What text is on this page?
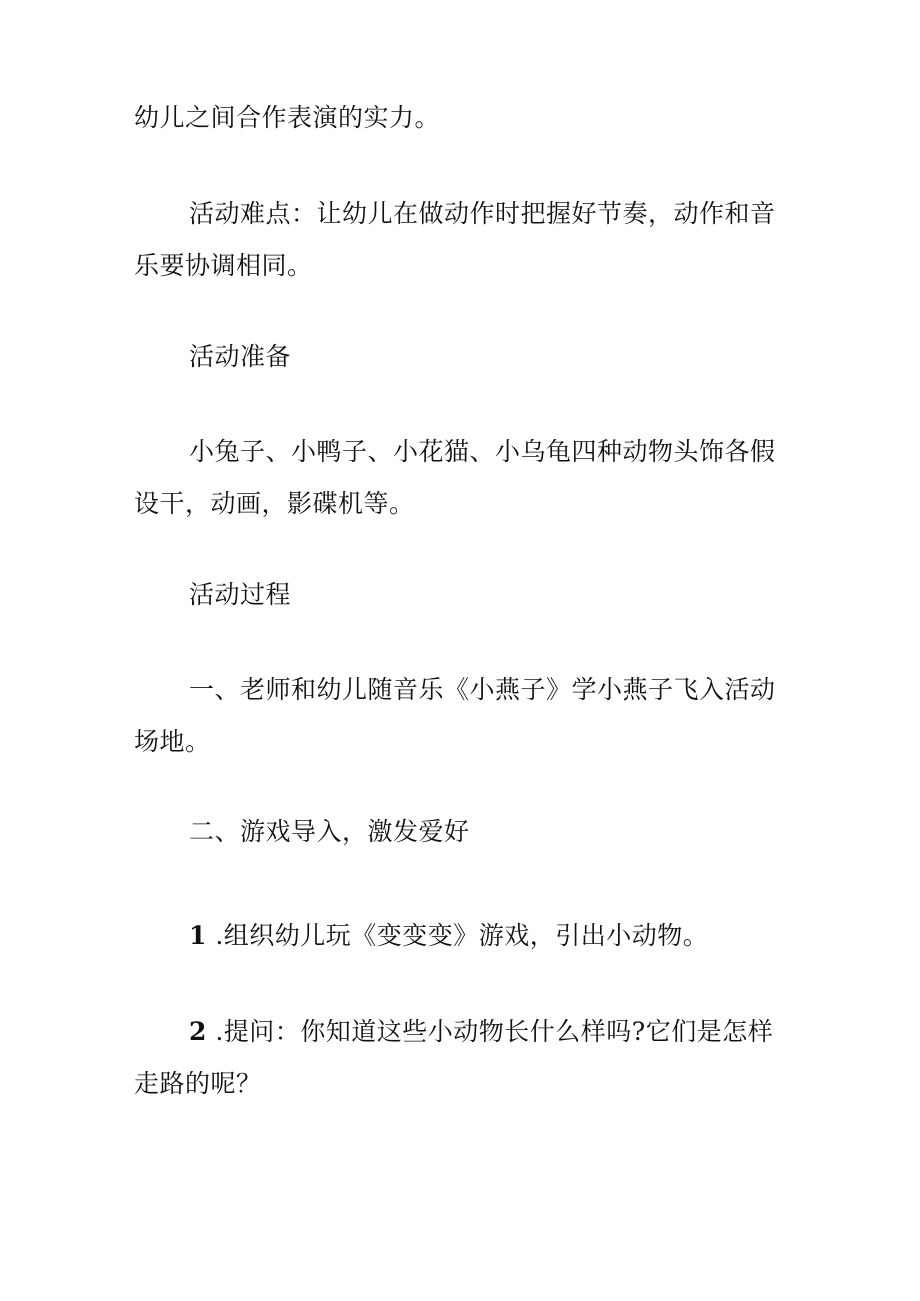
幼儿之间合作表演的实力。

活动难点：让幼儿在做动作时把握好节奏，动作和音乐要协调相同。

活动准备

小兔子、小鸭子、小花猫、小乌龟四种动物头饰各假设干，动画，影碟机等。

活动过程

一、老师和幼儿随音乐《小燕子》学小燕子飞入活动场地。

二、游戏导入，激发爱好

1 .组织幼儿玩《变变变》游戏，引出小动物。

2 .提问：你知道这些小动物长什么样吗?它们是怎样走路的呢？
